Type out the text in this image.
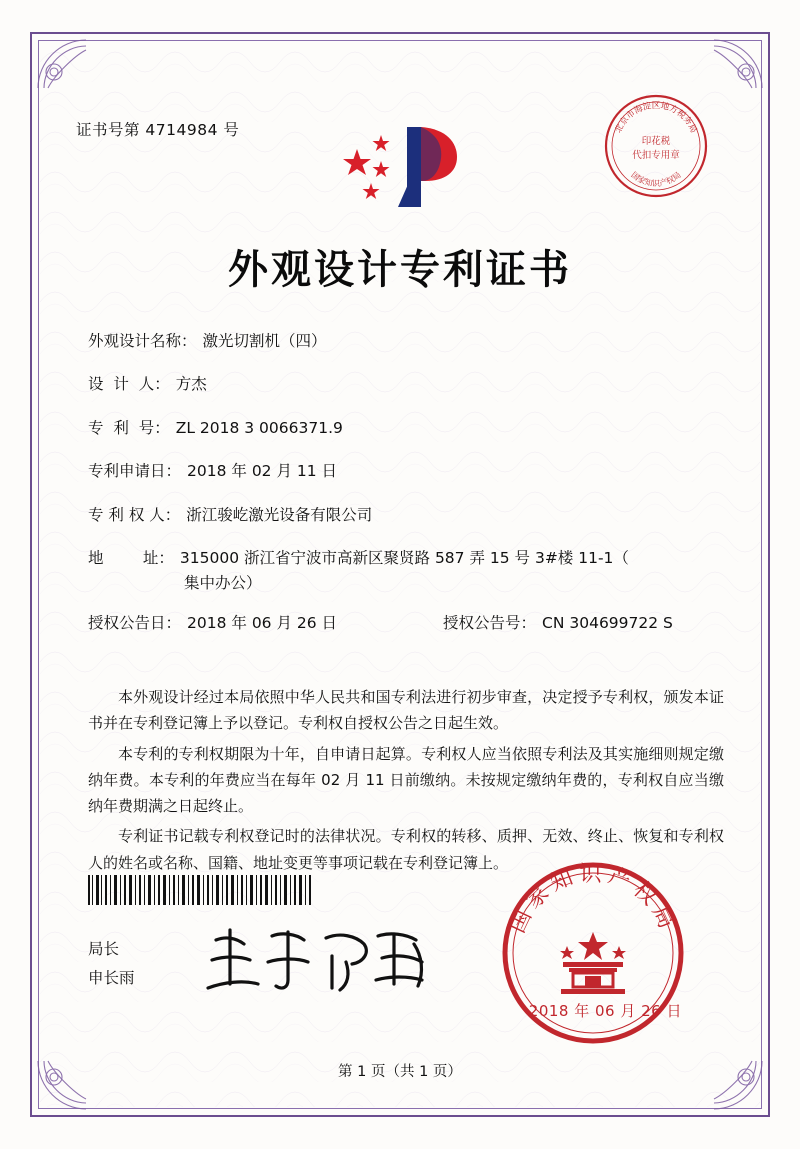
证书号第 4714984 号	北京市海淀区地方税务局
国家知识产权局
印花税
代扣专用章
外观设计专利证书
外观设计名称： 激光切割机（四）
设  计  人： 方杰
专  利  号： ZL 2018 3 0066371.9
专利申请日： 2018 年 02 月 11 日
专 利 权 人： 浙江骏屹激光设备有限公司
地        址： 315000 浙江省宁波市高新区聚贤路 587 弄 15 号 3#楼 11-1（
集中办公）
授权公告日： 2018 年 06 月 26 日	授权公告号： CN 304699722 S

本外观设计经过本局依照中华人民共和国专利法进行初步审查，决定授予专利权，颁发本证书并在专利登记簿上予以登记。专利权自授权公告之日起生效。

本专利的专利权期限为十年，自申请日起算。专利权人应当依照专利法及其实施细则规定缴纳年费。本专利的年费应当在每年 02 月 11 日前缴纳。未按规定缴纳年费的，专利权自应当缴纳年费期满之日起终止。

专利证书记载专利权登记时的法律状况。专利权的转移、质押、无效、终止、恢复和专利权人的姓名或名称、国籍、地址变更等事项记载在专利登记簿上。

局长
申长雨
国家知识产权局
2018 年 06 月 26 日
第 1 页（共 1 页）
